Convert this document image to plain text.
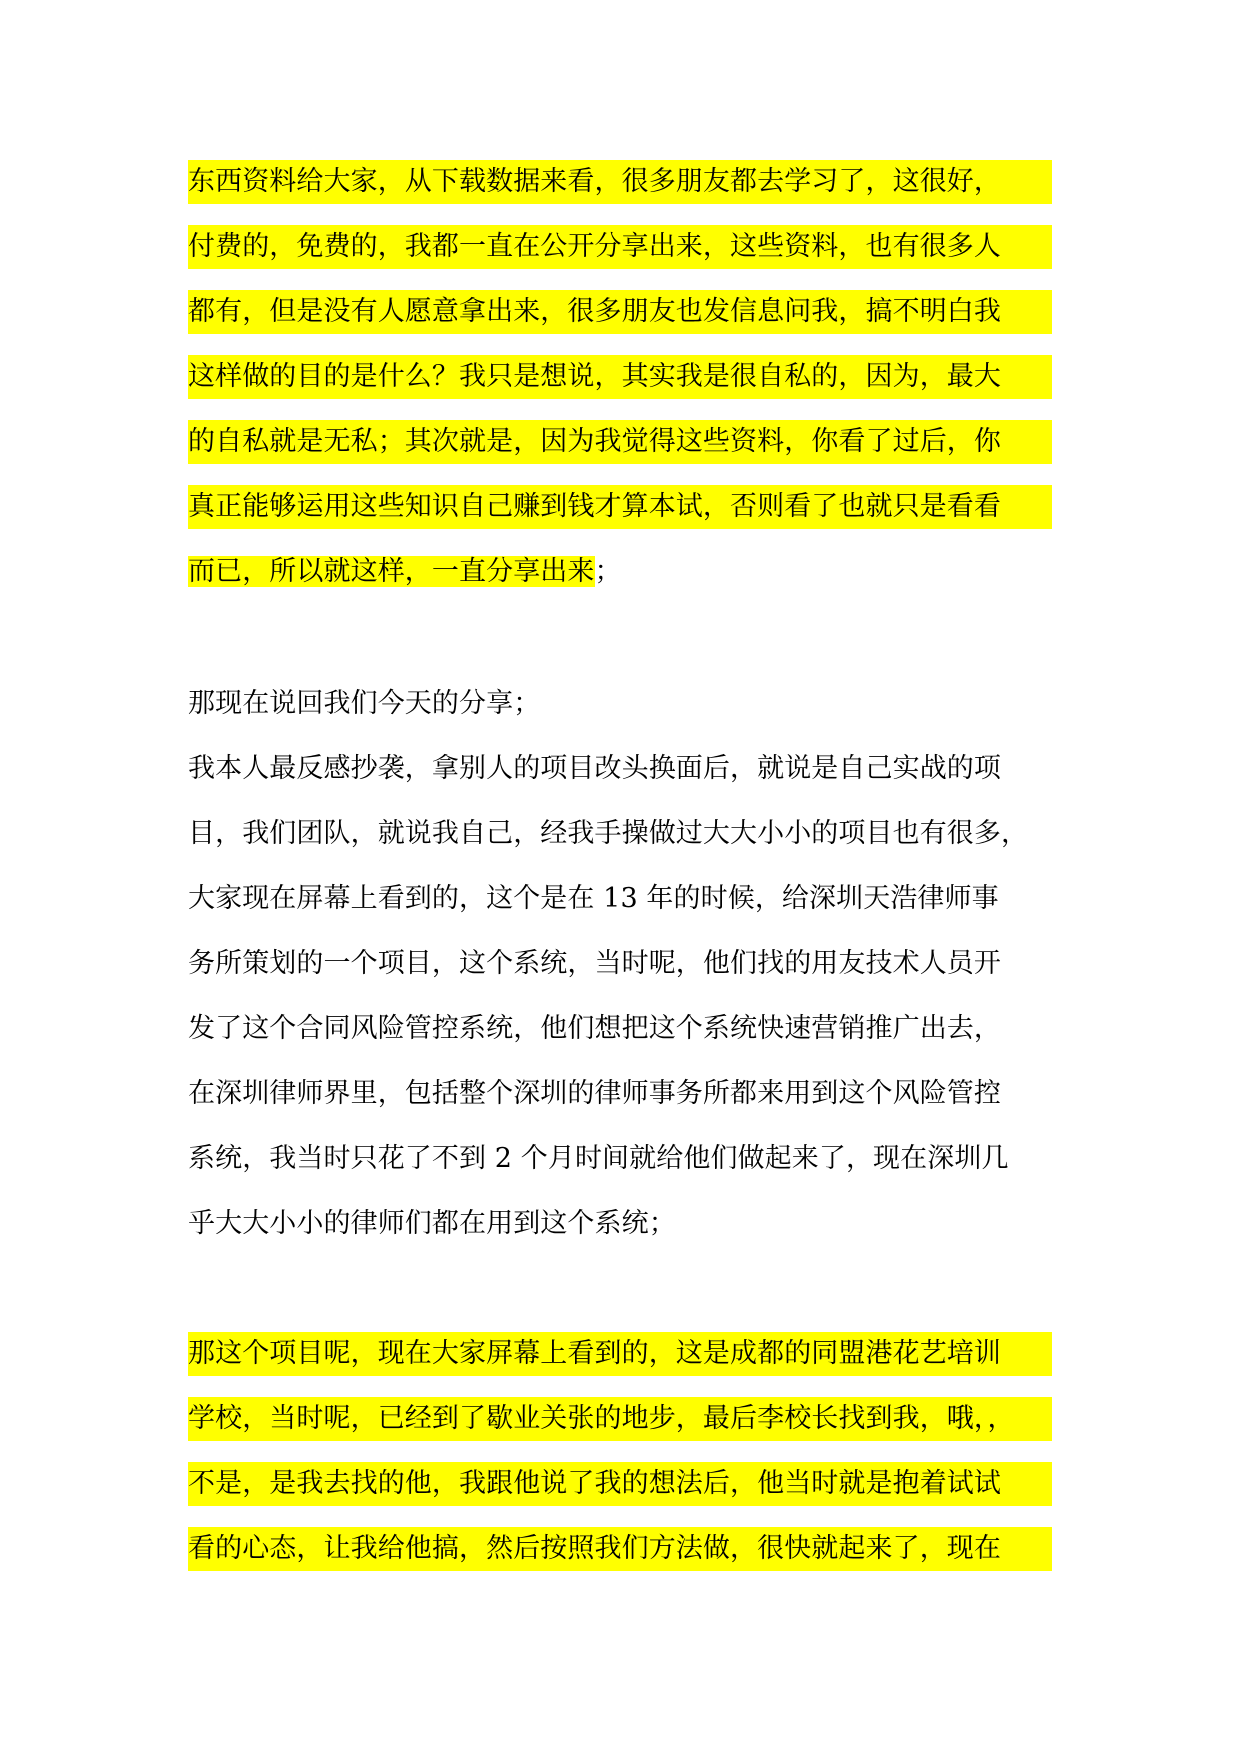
东西资料给大家，从下载数据来看，很多朋友都去学习了，这很好，
付费的，免费的，我都一直在公开分享出来，这些资料，也有很多人
都有，但是没有人愿意拿出来，很多朋友也发信息问我，搞不明白我
这样做的目的是什么？我只是想说，其实我是很自私的，因为，最大
的自私就是无私；其次就是，因为我觉得这些资料，你看了过后，你
真正能够运用这些知识自己赚到钱才算本试，否则看了也就只是看看
而已，所以就这样，一直分享出来；
那现在说回我们今天的分享；
我本人最反感抄袭，拿别人的项目改头换面后，就说是自己实战的项
目，我们团队，就说我自己，经我手操做过大大小小的项目也有很多，
大家现在屏幕上看到的，这个是在 13 年的时候，给深圳天浩律师事
务所策划的一个项目，这个系统，当时呢，他们找的用友技术人员开
发了这个合同风险管控系统，他们想把这个系统快速营销推广出去，
在深圳律师界里，包括整个深圳的律师事务所都来用到这个风险管控
系统，我当时只花了不到 2 个月时间就给他们做起来了，现在深圳几
乎大大小小的律师们都在用到这个系统；
那这个项目呢，现在大家屏幕上看到的，这是成都的同盟港花艺培训
学校，当时呢，已经到了歇业关张的地步，最后李校长找到我，哦，，
不是，是我去找的他，我跟他说了我的想法后，他当时就是抱着试试
看的心态，让我给他搞，然后按照我们方法做，很快就起来了，现在
